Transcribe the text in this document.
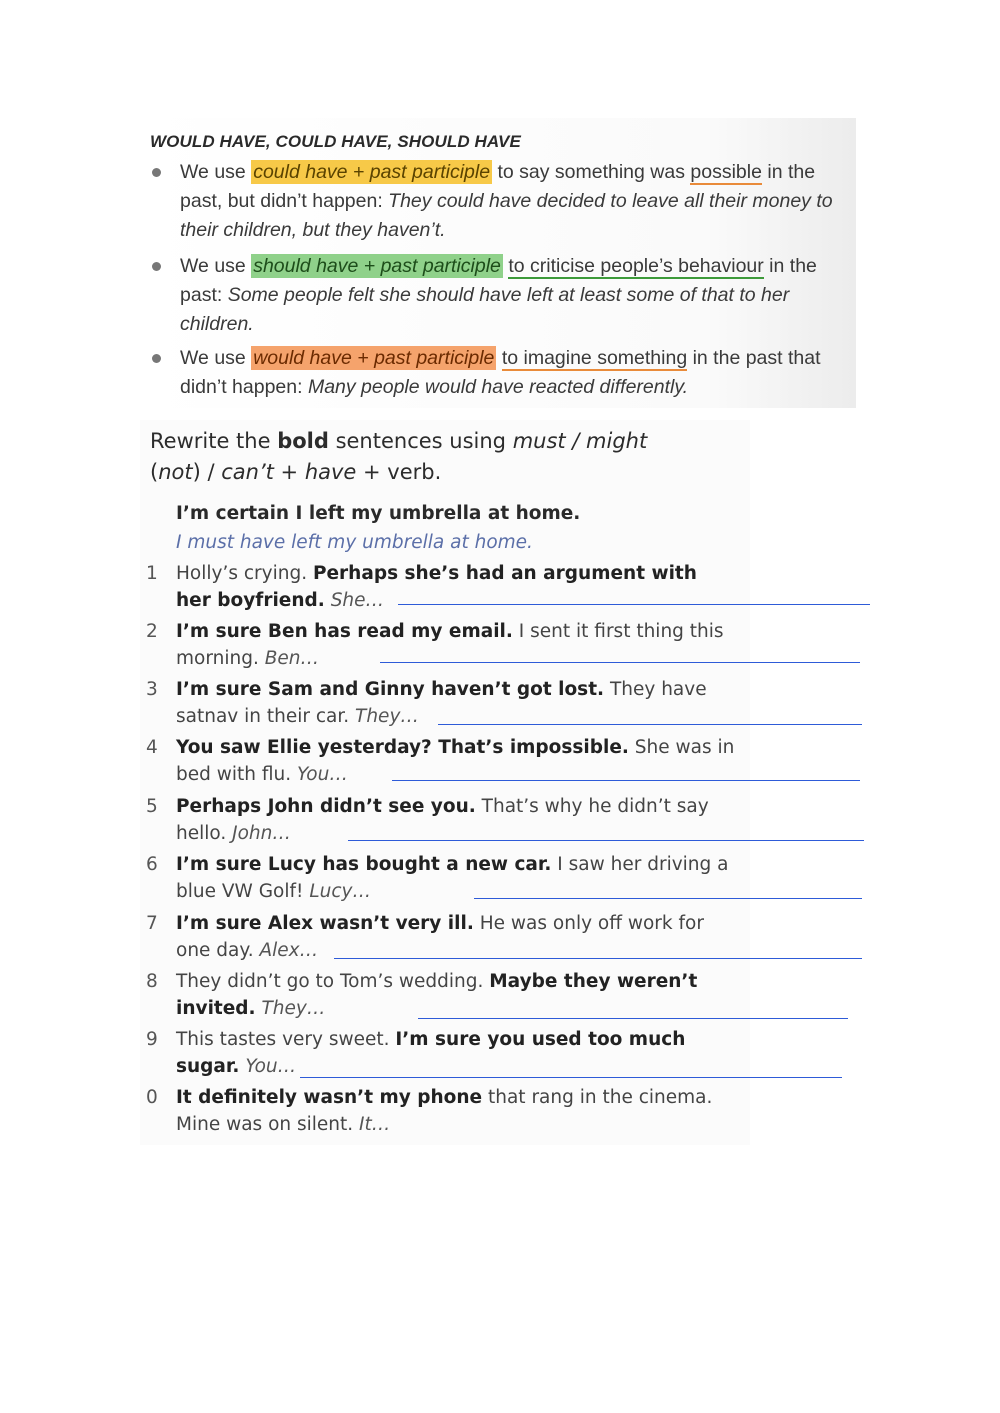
WOULD HAVE, COULD HAVE, SHOULD HAVE
We use could have + past participle to say something was possible in the past, but didn’t happen: They could have decided to leave all their money to their children, but they haven’t.
We use should have + past participle to criticise people’s behaviour in the past: Some people felt she should have left at least some of that to her children.
We use would have + past participle to imagine something in the past that didn’t happen: Many people would have reacted differently.
Rewrite the bold sentences using must / might
(not) / can’t + have + verb.
I’m certain I left my umbrella at home.
I must have left my umbrella at home.
1 Holly’s crying. Perhaps she’s had an argument with her boyfriend. She…
2 I’m sure Ben has read my email. I sent it first thing this morning. Ben…
3 I’m sure Sam and Ginny haven’t got lost. They have satnav in their car. They…
4 You saw Ellie yesterday? That’s impossible. She was in bed with flu. You…
5 Perhaps John didn’t see you. That’s why he didn’t say hello. John…
6 I’m sure Lucy has bought a new car. I saw her driving a blue VW Golf! Lucy…
7 I’m sure Alex wasn’t very ill. He was only off work for one day. Alex…
8 They didn’t go to Tom’s wedding. Maybe they weren’t invited. They…
9 This tastes very sweet. I’m sure you used too much sugar. You…
0 It definitely wasn’t my phone that rang in the cinema. Mine was on silent. It…
